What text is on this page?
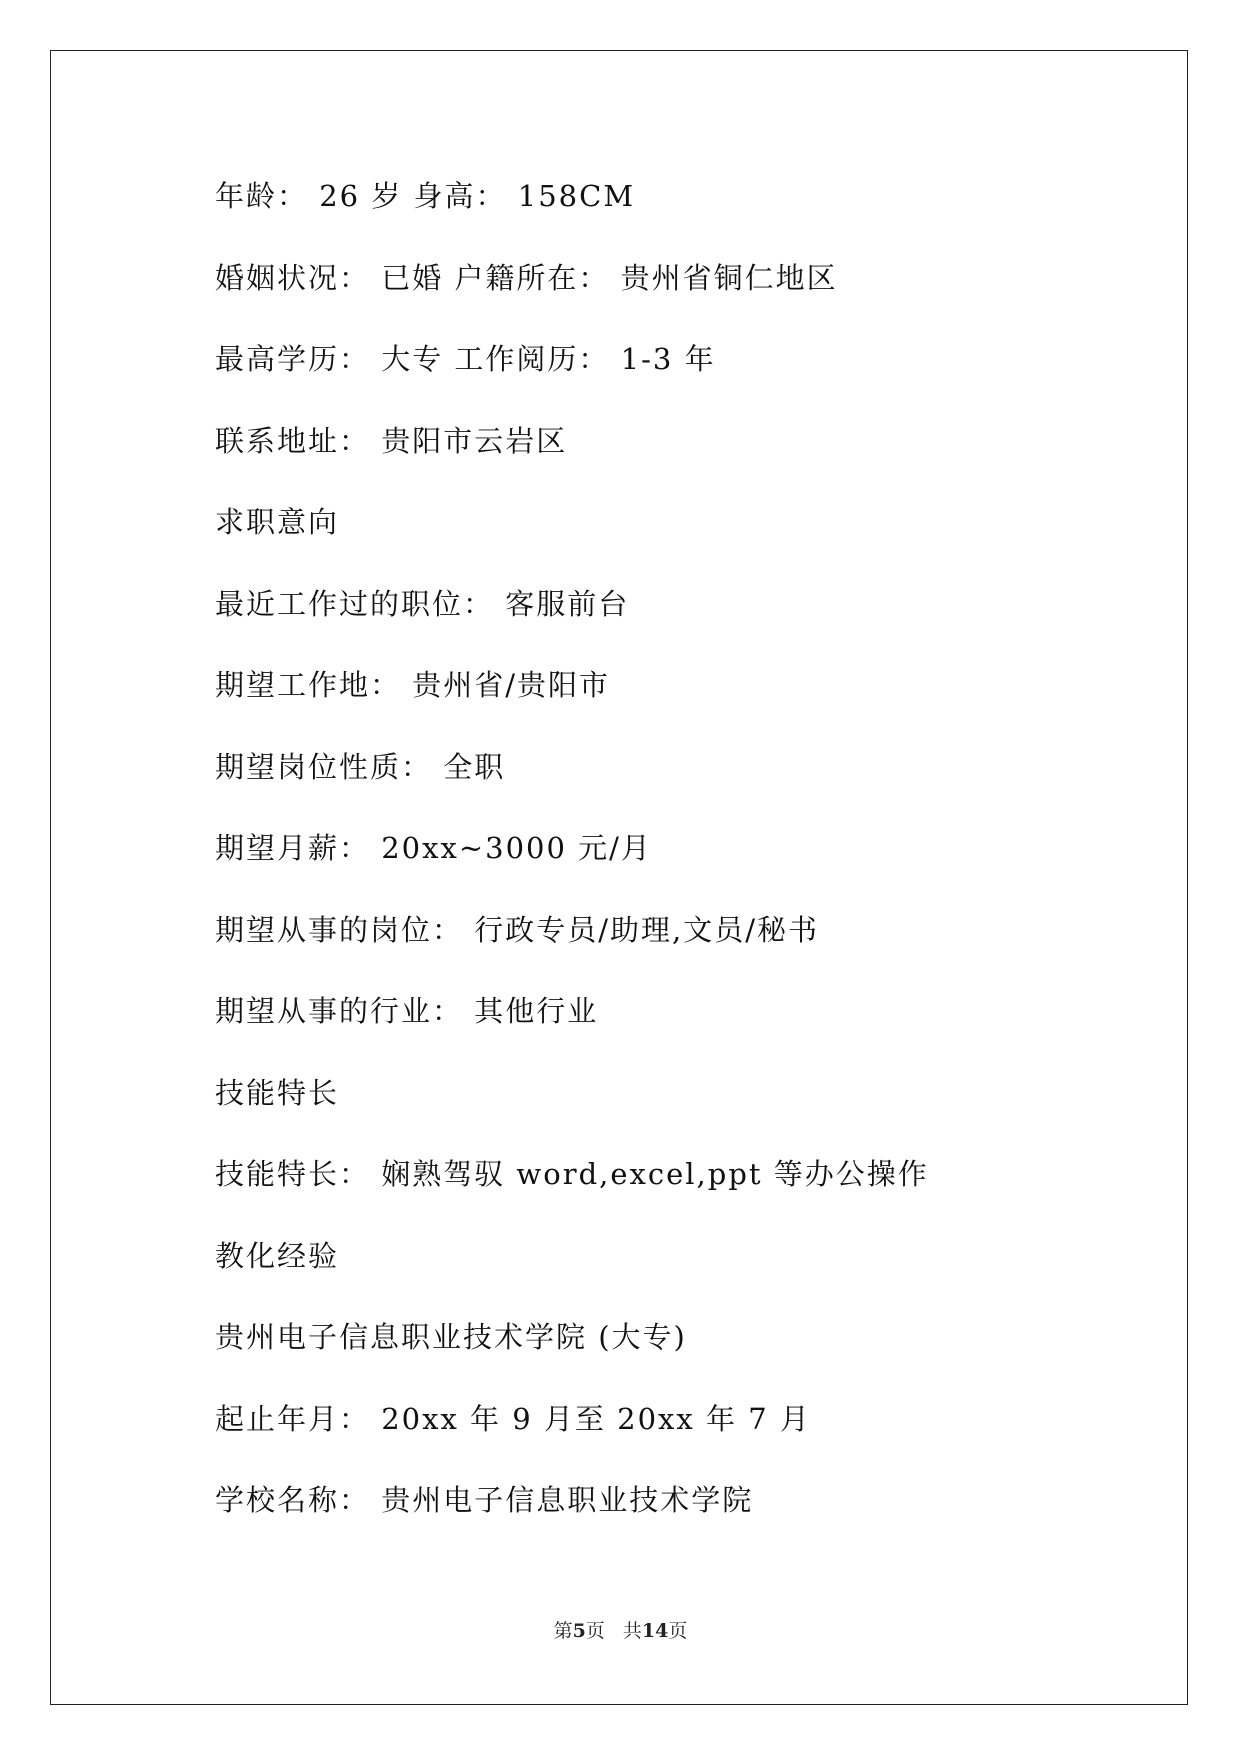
年龄： 26 岁 身高： 158CM
婚姻状况： 已婚 户籍所在： 贵州省铜仁地区
最高学历： 大专 工作阅历： 1-3 年
联系地址： 贵阳市云岩区
求职意向
最近工作过的职位： 客服前台
期望工作地： 贵州省/贵阳市
期望岗位性质： 全职
期望月薪： 20xx~3000 元/月
期望从事的岗位： 行政专员/助理,文员/秘书
期望从事的行业： 其他行业
技能特长
技能特长： 娴熟驾驭 word,excel,ppt 等办公操作
教化经验
贵州电子信息职业技术学院 (大专)
起止年月： 20xx 年 9 月至 20xx 年 7 月
学校名称： 贵州电子信息职业技术学院
第5页 共14页
